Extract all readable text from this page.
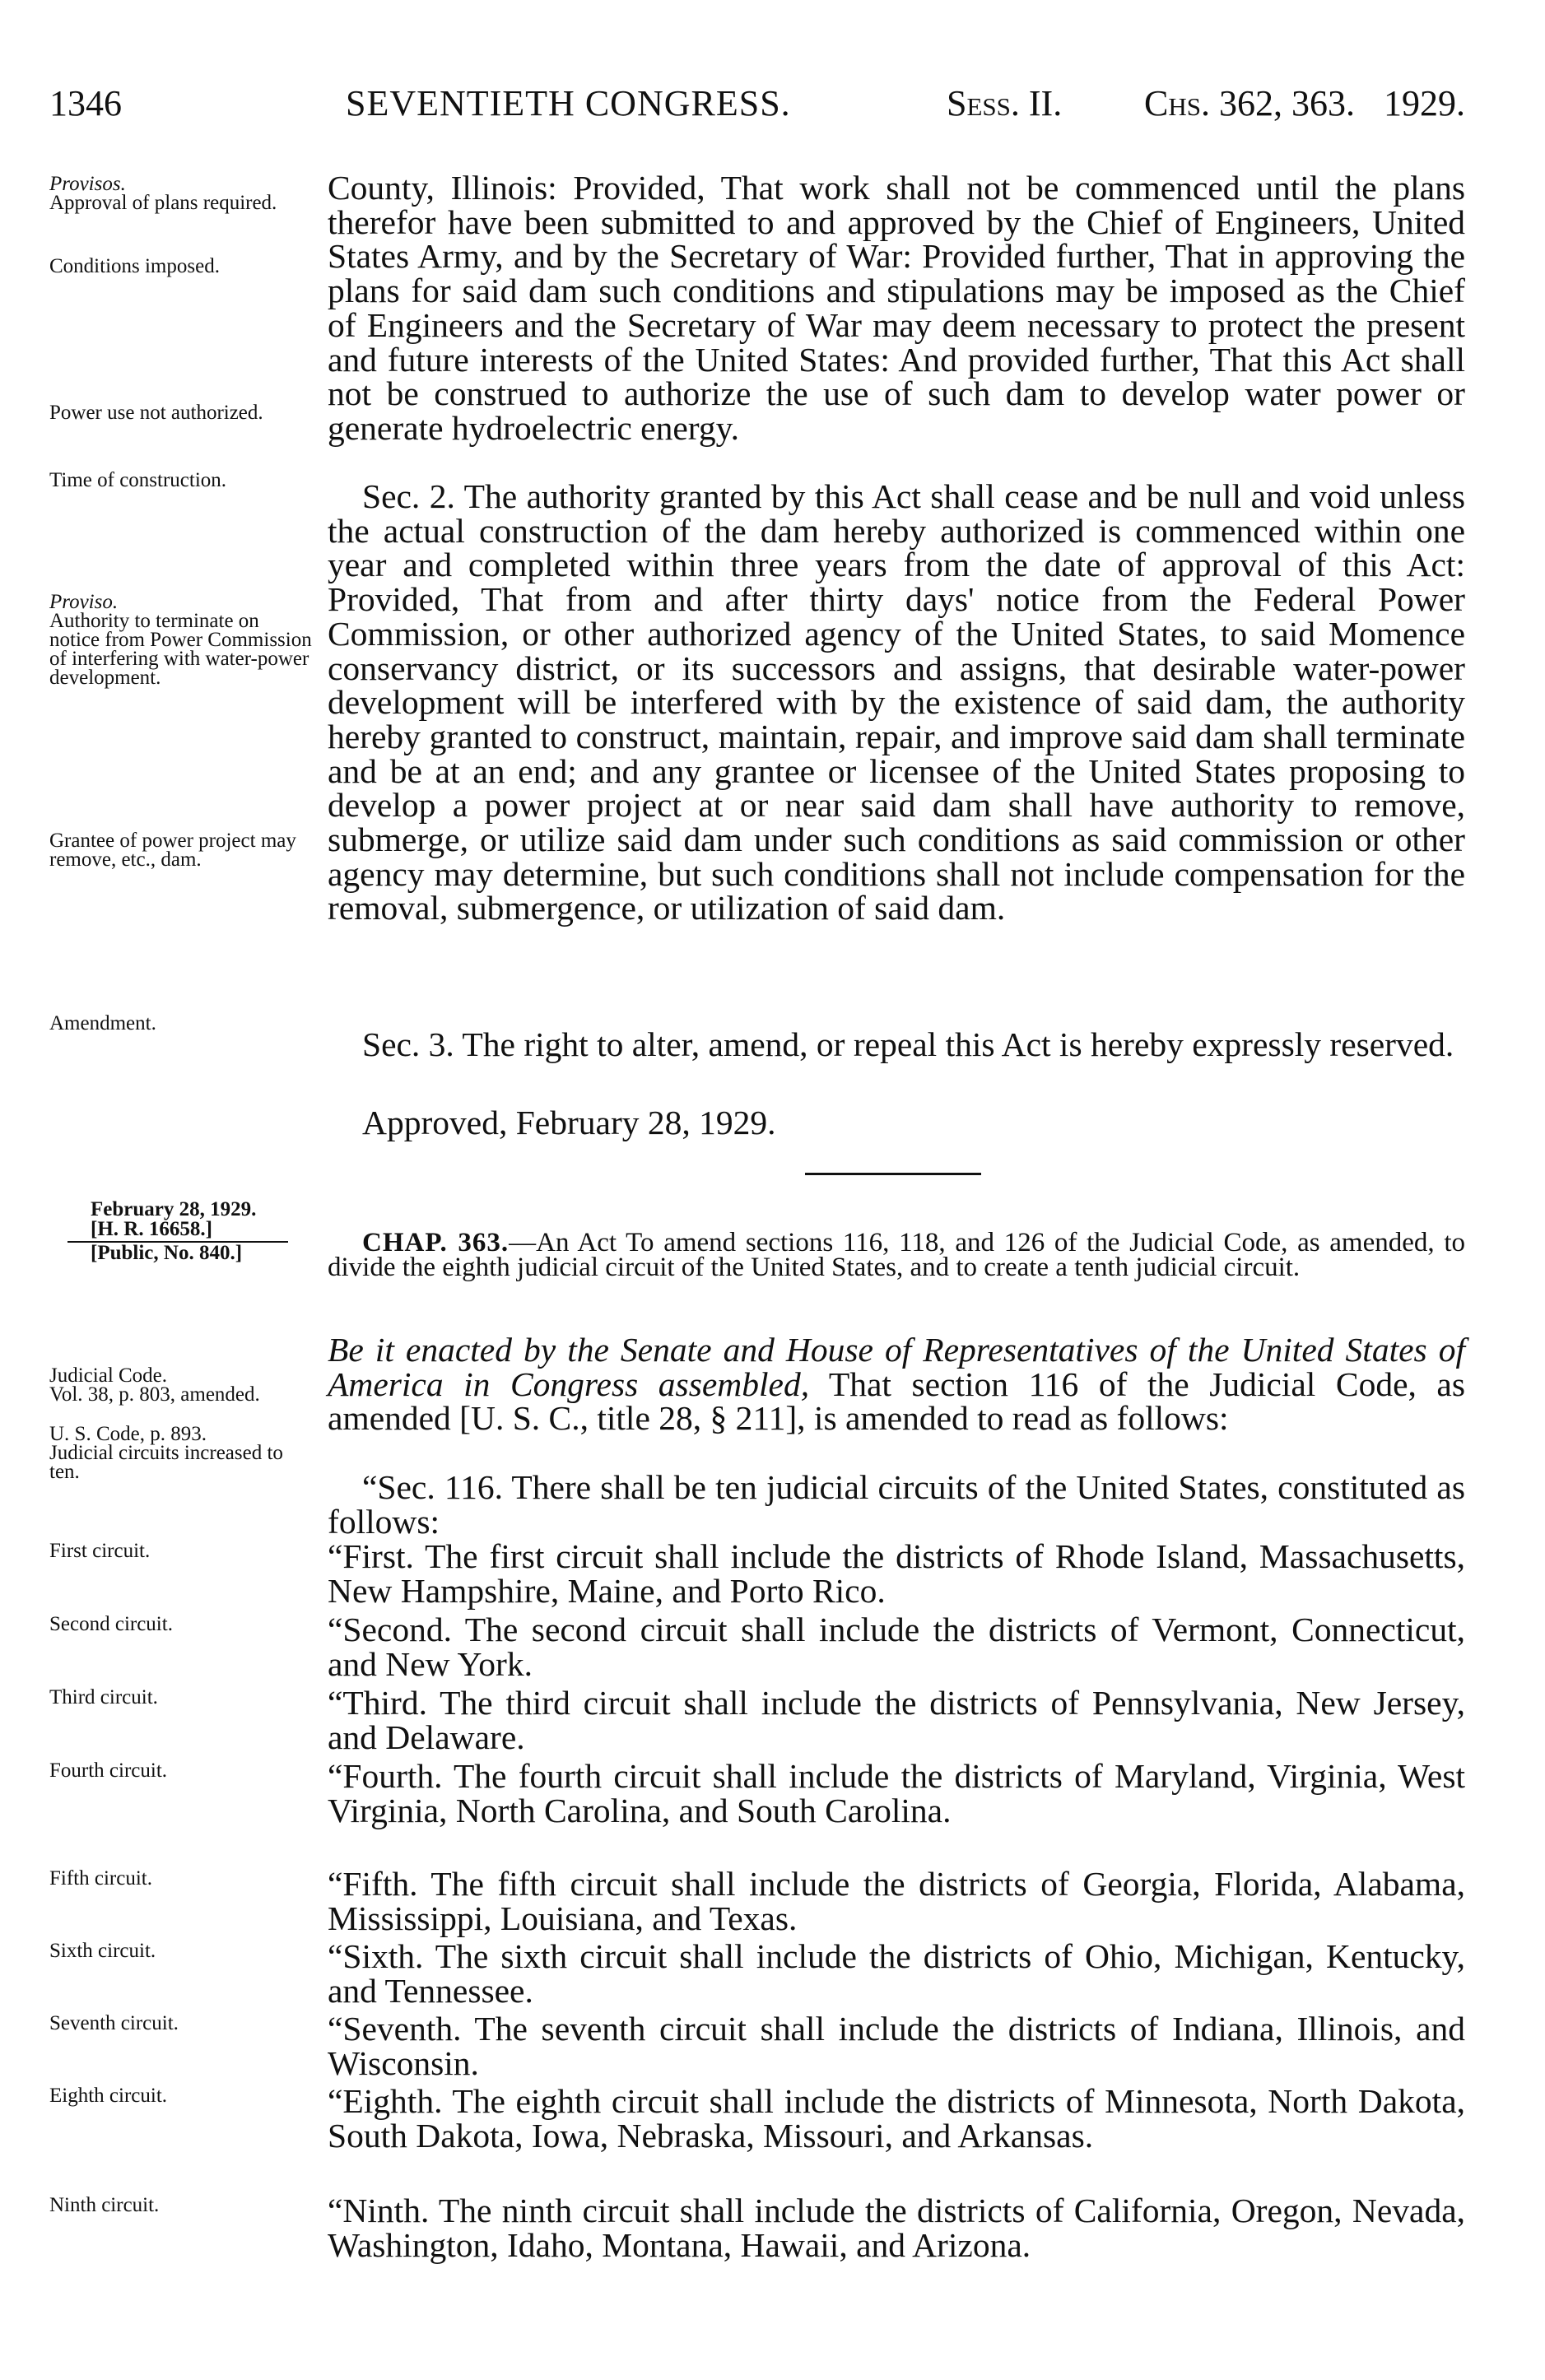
1346	SEVENTIETH CONGRESS.	Sess. II. Chs. 362, 363. 1929.

Provisos.

Approval of plans required.

Conditions imposed.

Power use not authorized.

Time of construction.

Proviso.

Authority to terminate on notice from Power Commission of interfering with water-power development.

Grantee of power project may remove, etc., dam.

Amendment.

County, Illinois: Provided, That work shall not be commenced until the plans therefor have been submitted to and approved by the Chief of Engineers, United States Army, and by the Secretary of War: Provided further, That in approving the plans for said dam such conditions and stipulations may be imposed as the Chief of Engineers and the Secretary of War may deem necessary to protect the present and future interests of the United States: And provided further, That this Act shall not be construed to authorize the use of such dam to develop water power or generate hydroelectric energy.

Sec. 2. The authority granted by this Act shall cease and be null and void unless the actual construction of the dam hereby authorized is commenced within one year and completed within three years from the date of approval of this Act: Provided, That from and after thirty days' notice from the Federal Power Commission, or other authorized agency of the United States, to said Momence conservancy district, or its successors and assigns, that desirable water-power development will be interfered with by the existence of said dam, the authority hereby granted to construct, maintain, repair, and improve said dam shall terminate and be at an end; and any grantee or licensee of the United States proposing to develop a power project at or near said dam shall have authority to remove, submerge, or utilize said dam under such conditions as said commission or other agency may determine, but such conditions shall not include compensation for the removal, submergence, or utilization of said dam.

Sec. 3. The right to alter, amend, or repeal this Act is hereby expressly reserved.

Approved, February 28, 1929.

February 28, 1929.

[H. R. 16658.]

[Public, No. 840.]	CHAP. 363.—An Act To amend sections 116, 118, and 126 of the Judicial Code, as amended, to divide the eighth judicial circuit of the United States, and to create a tenth judicial circuit.

Be it enacted by the Senate and House of Representatives of the United States of America in Congress assembled, That section 116 of the Judicial Code, as amended [U. S. C., title 28, § 211], is amended to read as follows:

Judicial Code.

Vol. 38, p. 803, amended.

U. S. Code, p. 893.

Judicial circuits increased to ten.

First circuit.

Second circuit.

Third circuit.

Fourth circuit.

Fifth circuit.

Sixth circuit.

Seventh circuit.

Eighth circuit.

Ninth circuit.

“Sec. 116. There shall be ten judicial circuits of the United States, constituted as follows:

“First. The first circuit shall include the districts of Rhode Island, Massachusetts, New Hampshire, Maine, and Porto Rico.

“Second. The second circuit shall include the districts of Vermont, Connecticut, and New York.

“Third. The third circuit shall include the districts of Pennsylvania, New Jersey, and Delaware.

“Fourth. The fourth circuit shall include the districts of Maryland, Virginia, West Virginia, North Carolina, and South Carolina.

“Fifth. The fifth circuit shall include the districts of Georgia, Florida, Alabama, Mississippi, Louisiana, and Texas.

“Sixth. The sixth circuit shall include the districts of Ohio, Michigan, Kentucky, and Tennessee.

“Seventh. The seventh circuit shall include the districts of Indiana, Illinois, and Wisconsin.

“Eighth. The eighth circuit shall include the districts of Minnesota, North Dakota, South Dakota, Iowa, Nebraska, Missouri, and Arkansas.

“Ninth. The ninth circuit shall include the districts of California, Oregon, Nevada, Washington, Idaho, Montana, Hawaii, and Arizona.
